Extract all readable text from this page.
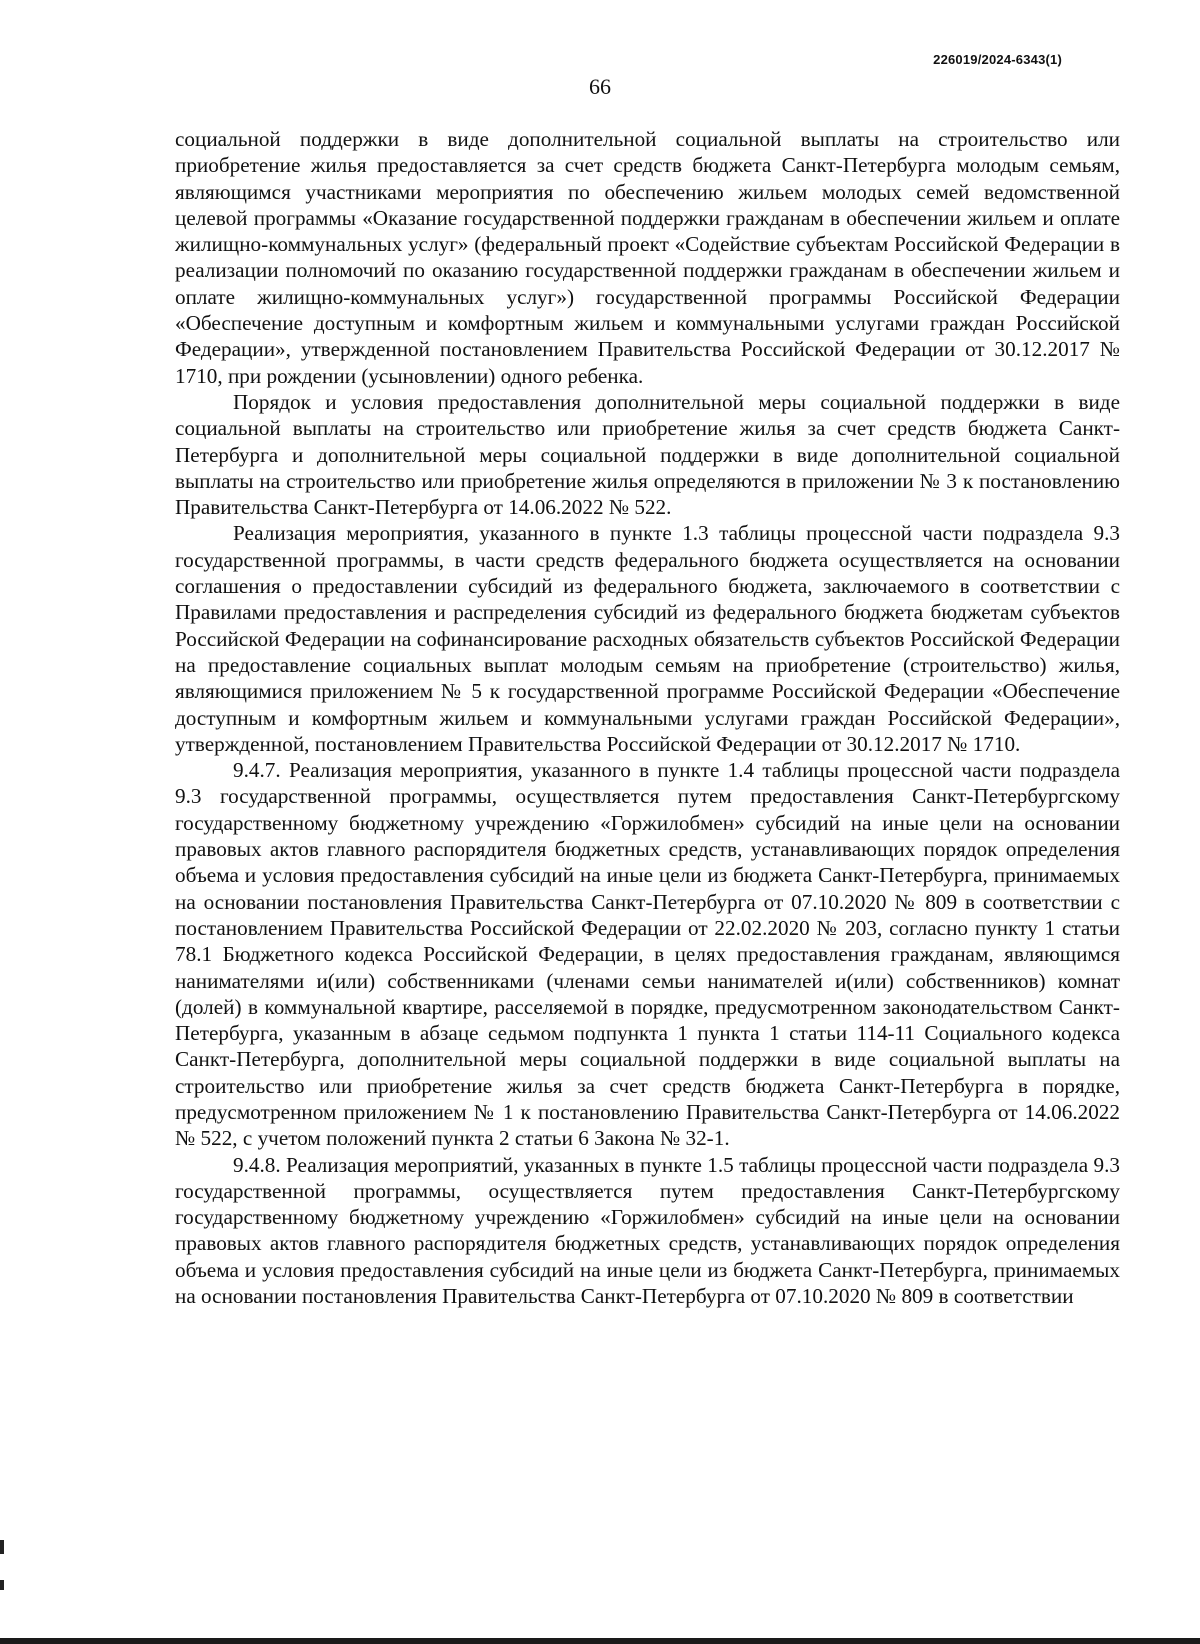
226019/2024-6343(1)
66

социальной поддержки в виде дополнительной социальной выплаты на строительство или приобретение жилья предоставляется за счет средств бюджета Санкт-Петербурга молодым семьям, являющимся участниками мероприятия по обеспечению жильем молодых семей ведомственной целевой программы «Оказание государственной поддержки гражданам в обеспечении жильем и оплате жилищно-коммунальных услуг» (федеральный проект «Содействие субъектам Российской Федерации в реализации полномочий по оказанию государственной поддержки гражданам в обеспечении жильем и оплате жилищно-коммунальных услуг») государственной программы Российской Федерации «Обеспечение доступным и комфортным жильем и коммунальными услугами граждан Российской Федерации», утвержденной постановлением Правительства Российской Федерации от 30.12.2017 № 1710, при рождении (усыновлении) одного ребенка.

Порядок и условия предоставления дополнительной меры социальной поддержки в виде социальной выплаты на строительство или приобретение жилья за счет средств бюджета Санкт-Петербурга и дополнительной меры социальной поддержки в виде дополнительной социальной выплаты на строительство или приобретение жилья определяются в приложении № 3 к постановлению Правительства Санкт-Петербурга от 14.06.2022 № 522.

Реализация мероприятия, указанного в пункте 1.3 таблицы процессной части подраздела 9.3 государственной программы, в части средств федерального бюджета осуществляется на основании соглашения о предоставлении субсидий из федерального бюджета, заключаемого в соответствии с Правилами предоставления и распределения субсидий из федерального бюджета бюджетам субъектов Российской Федерации на софинансирование расходных обязательств субъектов Российской Федерации на предоставление социальных выплат молодым семьям на приобретение (строительство) жилья, являющимися приложением № 5 к государственной программе Российской Федерации «Обеспечение доступным и комфортным жильем и коммунальными услугами граждан Российской Федерации», утвержденной, постановлением Правительства Российской Федерации от 30.12.2017 № 1710.

9.4.7. Реализация мероприятия, указанного в пункте 1.4 таблицы процессной части подраздела 9.3 государственной программы, осуществляется путем предоставления Санкт-Петербургскому государственному бюджетному учреждению «Горжилобмен» субсидий на иные цели на основании правовых актов главного распорядителя бюджетных средств, устанавливающих порядок определения объема и условия предоставления субсидий на иные цели из бюджета Санкт-Петербурга, принимаемых на основании постановления Правительства Санкт-Петербурга от 07.10.2020 № 809 в соответствии с постановлением Правительства Российской Федерации от 22.02.2020 № 203, согласно пункту 1 статьи 78.1 Бюджетного кодекса Российской Федерации, в целях предоставления гражданам, являющимся нанимателями и(или) собственниками (членами семьи нанимателей и(или) собственников) комнат (долей) в коммунальной квартире, расселяемой в порядке, предусмотренном законодательством Санкт-Петербурга, указанным в абзаце седьмом подпункта 1 пункта 1 статьи 114-11 Социального кодекса Санкт-Петербурга, дополнительной меры социальной поддержки в виде социальной выплаты на строительство или приобретение жилья за счет средств бюджета Санкт-Петербурга в порядке, предусмотренном приложением № 1 к постановлению Правительства Санкт-Петербурга от 14.06.2022 № 522, с учетом положений пункта 2 статьи 6 Закона № 32-1.

9.4.8. Реализация мероприятий, указанных в пункте 1.5 таблицы процессной части подраздела 9.3 государственной программы, осуществляется путем предоставления Санкт-Петербургскому государственному бюджетному учреждению «Горжилобмен» субсидий на иные цели на основании правовых актов главного распорядителя бюджетных средств, устанавливающих порядок определения объема и условия предоставления субсидий на иные цели из бюджета Санкт-Петербурга, принимаемых на основании постановления Правительства Санкт-Петербурга от 07.10.2020 № 809 в соответствии
